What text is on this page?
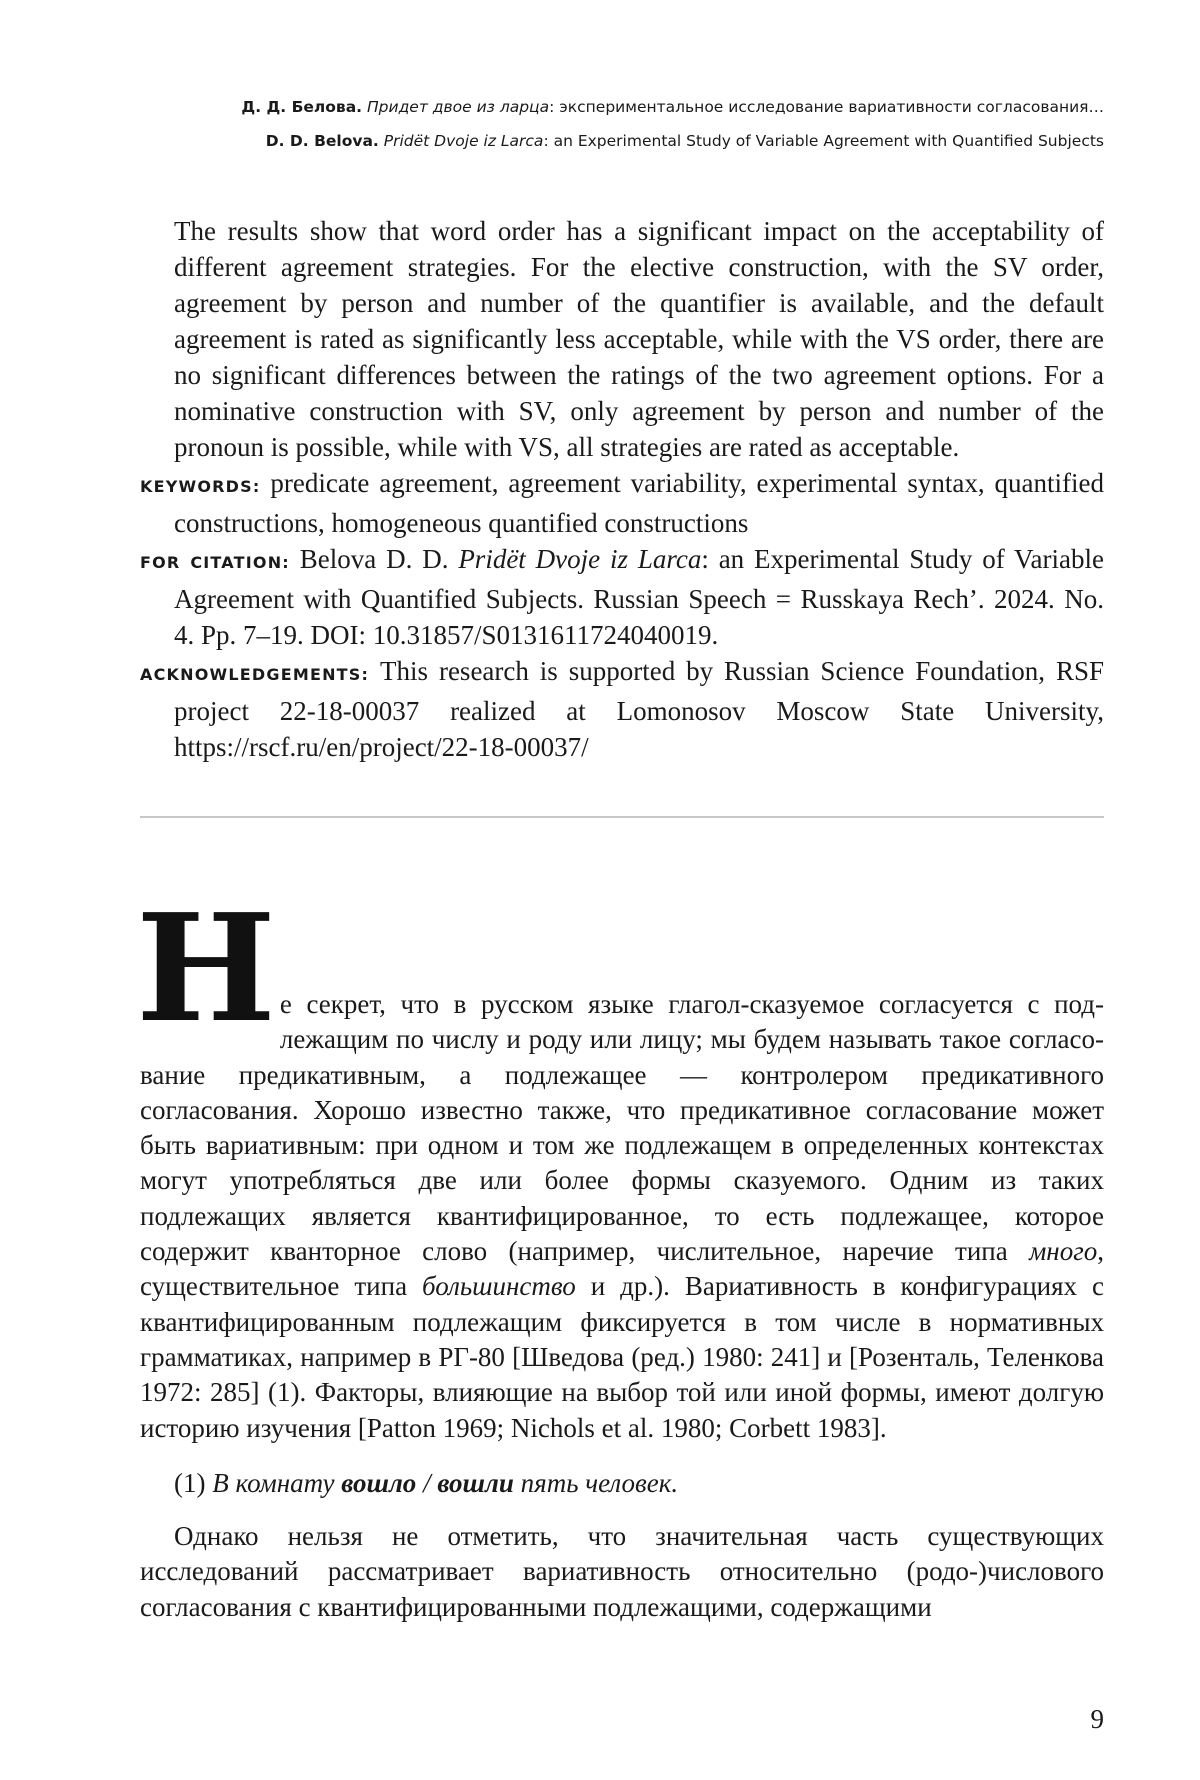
Д. Д. Белова. Придет двое из ларца: экспериментальное исследование вариативности согласования…
D. D. Belova. Pridёt Dvoje iz Larca: an Experimental Study of Variable Agreement with Quantified Subjects

The results show that word order has a significant impact on the acceptability of different agreement strategies. For the elective construction, with the SV order, agreement by person and number of the quantifier is available, and the default agreement is rated as significantly less acceptable, while with the VS order, there are no significant differences between the ratings of the two agreement options. For a nominative construction with SV, only agreement by person and number of the pronoun is possible, while with VS, all strategies are rated as acceptable.

KEYWORDS: predicate agreement, agreement variability, experimental syntax, quantified constructions, homogeneous quantified constructions

FOR CITATION: Belova D. D. Pridёt Dvoje iz Larca: an Experimental Study of Variable Agreement with Quantified Subjects. Russian Speech = Russkaya Rech’. 2024. No. 4. Pp. 7–19. DOI: 10.31857/S0131611724040019.

ACKNOWLEDGEMENTS: This research is supported by Russian Science Foundation, RSF project 22-18-00037 realized at Lomonosov Moscow State University, https://rscf.ru/en/project/22-18-00037/

Н е секрет, что в русском языке глагол-сказуемое согласуется с подлежащим по числу и роду или лицу; мы будем называть такое согласование предикативным, а подлежащее — контролером предикативного согласования. Хорошо известно также, что предикативное согласование может быть вариативным: при одном и том же подлежащем в определенных контекстах могут употребляться две или более формы сказуемого. Одним из таких подлежащих является квантифицированное, то есть подлежащее, которое содержит кванторное слово (например, числительное, наречие типа много, существительное типа большинство и др.). Вариативность в конфигурациях с квантифицированным подлежащим фиксируется в том числе в нормативных грамматиках, например в РГ-80 [Шведова (ред.) 1980: 241] и [Розенталь, Теленкова 1972: 285] (1). Факторы, влияющие на выбор той или иной формы, имеют долгую историю изучения [Patton 1969; Nichols et al. 1980; Corbett 1983].

(1) В комнату вошло / вошли пять человек.

Однако нельзя не отметить, что значительная часть существующих исследований рассматривает вариативность относительно (родо-)числового согласования с квантифицированными подлежащими, содержащими

9
